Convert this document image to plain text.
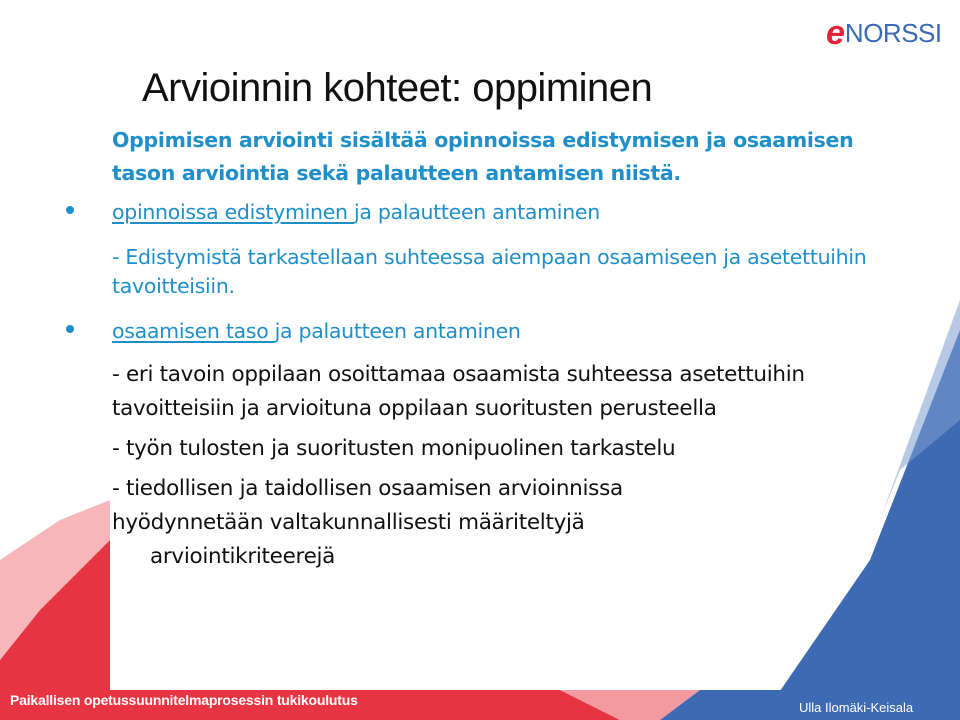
e NORSSI
Arvioinnin kohteet: oppiminen

Oppimisen arviointi sisältää opinnoissa edistymisen ja osaamisen tason arviointia sekä palautteen antamisen niistä.

opinnoissa edistyminen ja palautteen antaminen
- Edistymistä tarkastellaan suhteessa aiempaan osaamiseen ja asetettuihin tavoitteisiin.
osaamisen taso ja palautteen antaminen
- eri tavoin oppilaan osoittamaa osaamista suhteessa asetettuihin tavoitteisiin ja arvioituna oppilaan suoritusten perusteella
- työn tulosten ja suoritusten monipuolinen tarkastelu
- tiedollisen ja taidollisen osaamisen arvioinnissa
hyödynnetään valtakunnallisesti määriteltyjä
arviointikriteerejä
Paikallisen opetussuunnitelmaprosessin tukikoulutus	Ulla Ilomäki-Keisala
